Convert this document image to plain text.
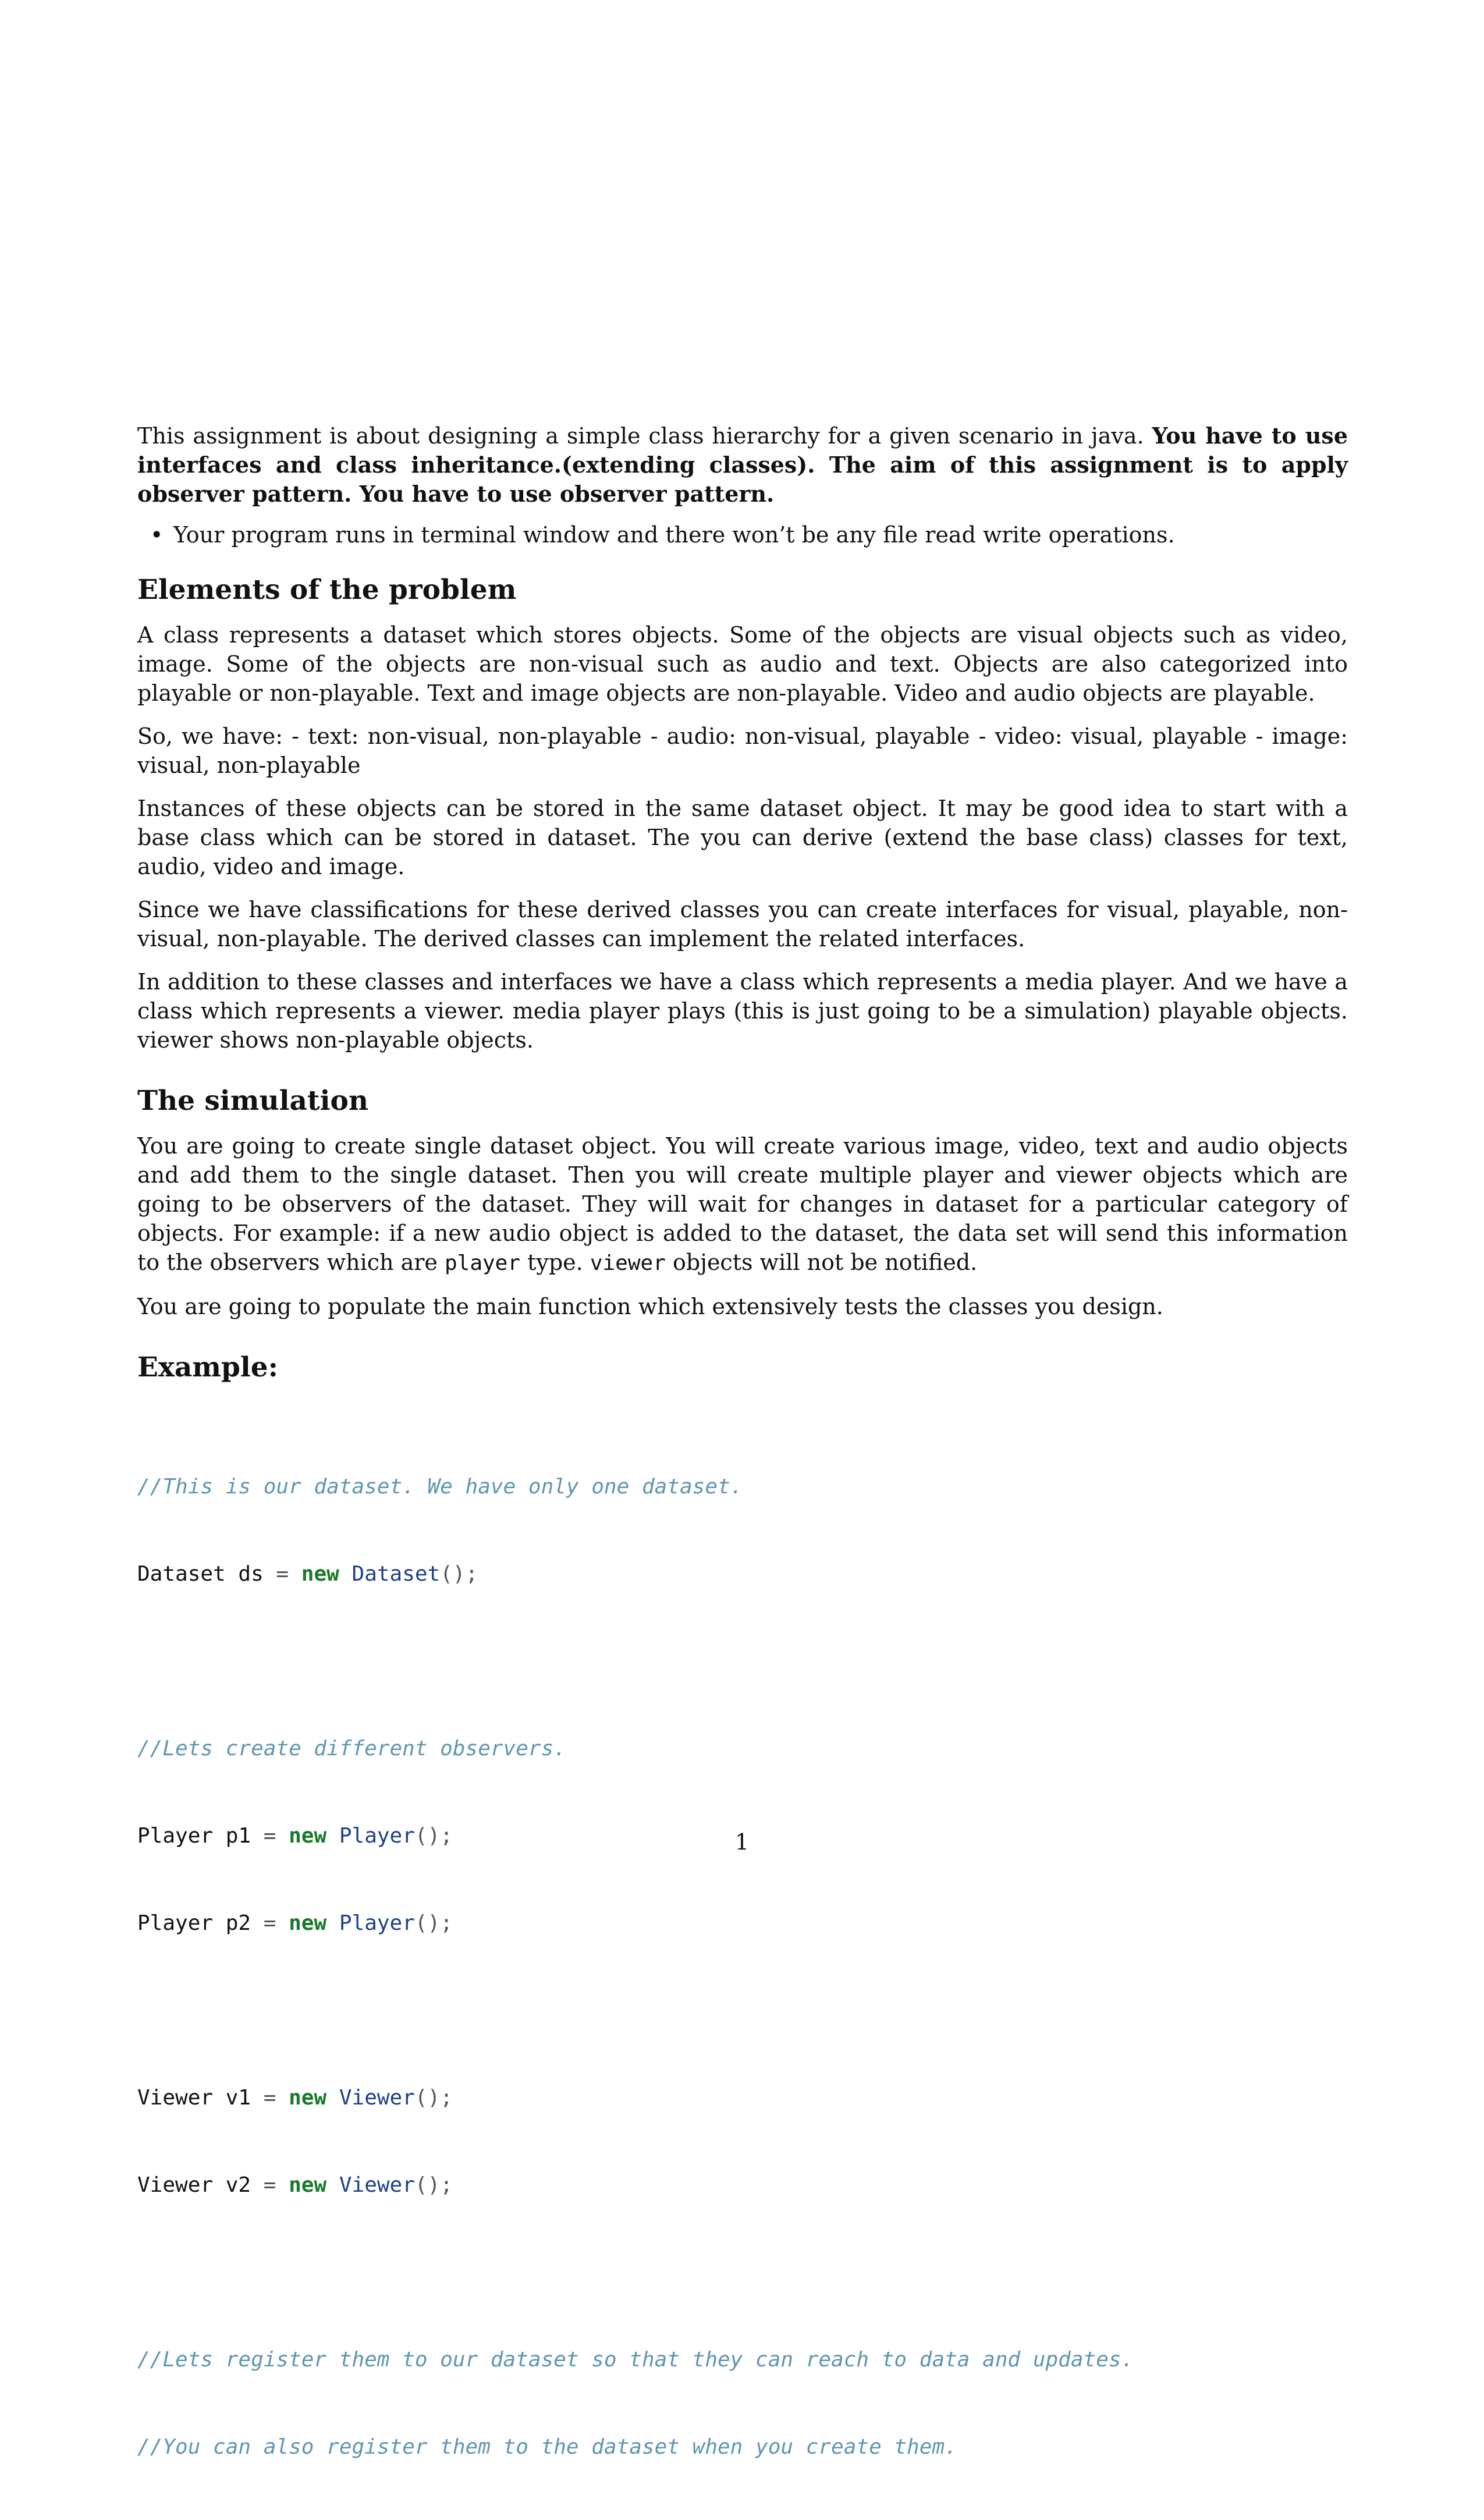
This assignment is about designing a simple class hierarchy for a given scenario in java. You have to use interfaces and class inheritance.(extending classes). The aim of this assignment is to apply observer pattern. You have to use observer pattern.

• Your program runs in terminal window and there won’t be any file read write operations.
Elements of the problem

A class represents a dataset which stores objects. Some of the objects are visual objects such as video, image. Some of the objects are non-visual such as audio and text. Objects are also categorized into playable or non-playable. Text and image objects are non-playable. Video and audio objects are playable.

So, we have: - text: non-visual, non-playable - audio: non-visual, playable - video: visual, playable - image: visual, non-playable

Instances of these objects can be stored in the same dataset object. It may be good idea to start with a base class which can be stored in dataset. The you can derive (extend the base class) classes for text, audio, video and image.

Since we have classifications for these derived classes you can create interfaces for visual, playable, non-visual, non-playable. The derived classes can implement the related interfaces.

In addition to these classes and interfaces we have a class which represents a media player. And we have a class which represents a viewer. media player plays (this is just going to be a simulation) playable objects. viewer shows non-playable objects.

The simulation

You are going to create single dataset object. You will create various image, video, text and audio objects and add them to the single dataset. Then you will create multiple player and viewer objects which are going to be observers of the dataset. They will wait for changes in dataset for a particular category of objects. For example: if a new audio object is added to the dataset, the data set will send this information to the observers which are player type. viewer objects will not be notified.

You are going to populate the main function which extensively tests the classes you design.

Example:

//This is our dataset. We have only one dataset.

Dataset ds = new Dataset();

//Lets create different observers.

Player p1 = new Player();

Player p2 = new Player();

Viewer v1 = new Viewer();

Viewer v2 = new Viewer();

//Lets register them to our dataset so that they can reach to data and updates.

//You can also register them to the dataset when you create them.

1
